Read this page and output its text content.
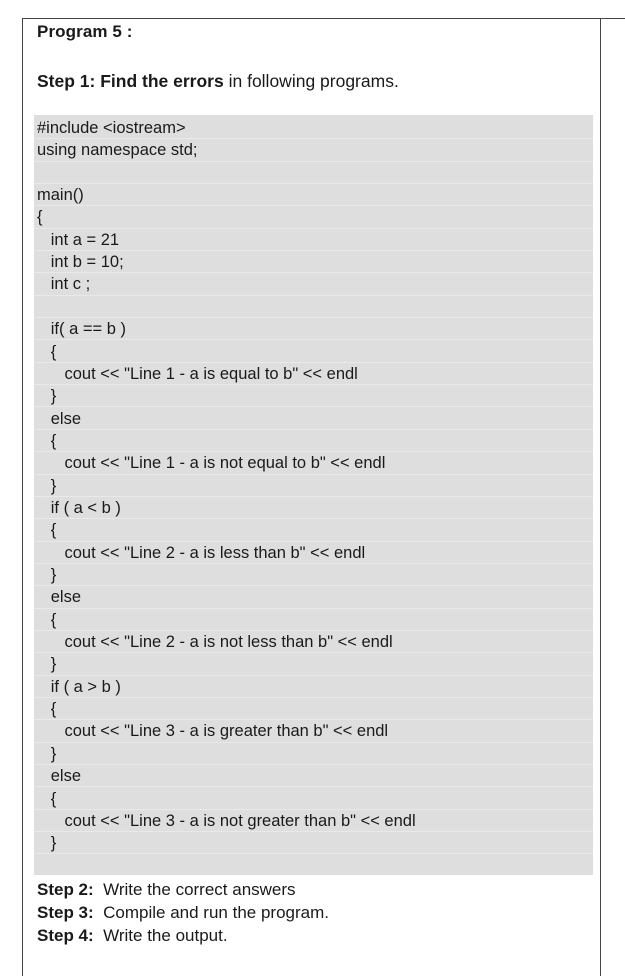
Program 5 :
Step 1: Find the errors in following programs.
#include <iostream>
using namespace std;
main()
{
int a = 21
int b = 10;
int c ;
if( a == b )
{
cout << "Line 1 - a is equal to b" << endl
}
else
{
cout << "Line 1 - a is not equal to b" << endl
}
if ( a < b )
{
cout << "Line 2 - a is less than b" << endl
}
else
{
cout << "Line 2 - a is not less than b" << endl
}
if ( a > b )
{
cout << "Line 3 - a is greater than b" << endl
}
else
{
cout << "Line 3 - a is not greater than b" << endl
}
Step 2:  Write the correct answers
Step 3:  Compile and run the program.
Step 4:  Write the output.
